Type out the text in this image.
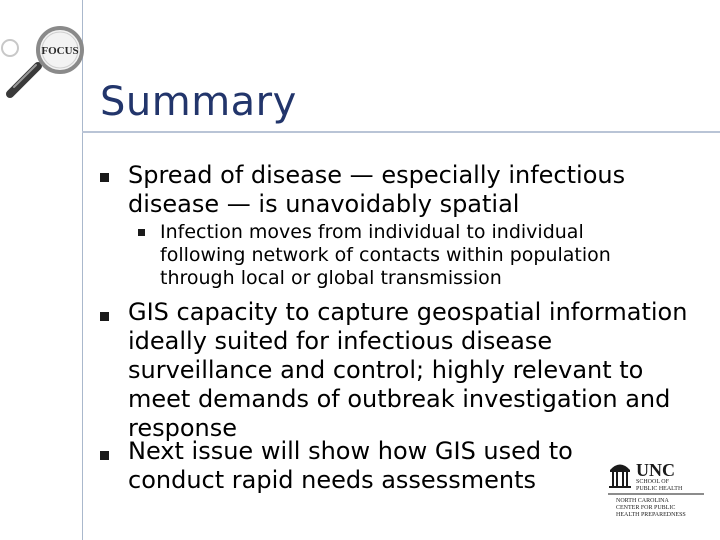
FOCUS
Summary

Spread of disease — especially infectious
disease — is unavoidably spatial

Infection moves from individual to individual
following network of contacts within population
through local or global transmission

GIS capacity to capture geospatial information
ideally suited for infectious disease
surveillance and control; highly relevant to
meet demands of outbreak investigation and
response

Next issue will show how GIS used to
conduct rapid needs assessments	UNC
SCHOOL OF
PUBLIC HEALTH
NORTH CAROLINA
CENTER FOR PUBLIC
HEALTH PREPAREDNESS
